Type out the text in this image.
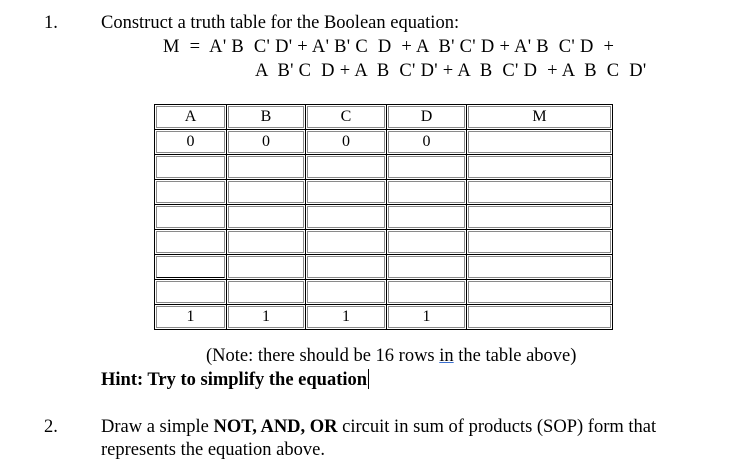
1. Construct a truth table for the Boolean equation:
M  =  A' B  C' D' + A' B' C  D  + A  B' C' D + A' B  C' D  +
A  B' C  D + A  B  C' D' + A  B  C' D  + A  B  C  D'
A	B	C	D	M

0	0	0	0	

1	1	1	1	

(Note: there should be 16 rows in the table above)
Hint: Try to simplify the equation
2. Draw a simple NOT, AND, OR circuit in sum of products (SOP) form that
represents the equation above.
